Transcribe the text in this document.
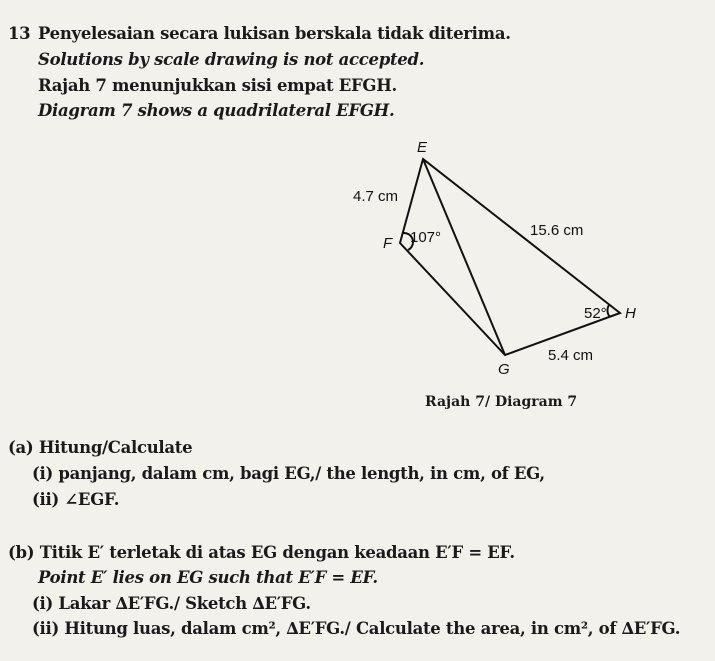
13 Penyelesaian secara lukisan berskala tidak diterima.
Solutions by scale drawing is not accepted.
Rajah 7 menunjukkan sisi empat EFGH.
Diagram 7 shows a quadrilateral EFGH.
E
F
G
H
4.7 cm
15.6 cm
5.4 cm
107°
52°
Rajah 7/ Diagram 7
(a) Hitung/Calculate
(i) panjang, dalam cm, bagi EG,/ the length, in cm, of EG,
(ii) ∠EGF.
(b) Titik E′ terletak di atas EG dengan keadaan E′F = EF.
Point E′ lies on EG such that E′F = EF.
(i) Lakar ∆E′FG./ Sketch ∆E′FG.
(ii) Hitung luas, dalam cm², ∆E′FG./ Calculate the area, in cm², of ∆E′FG.
